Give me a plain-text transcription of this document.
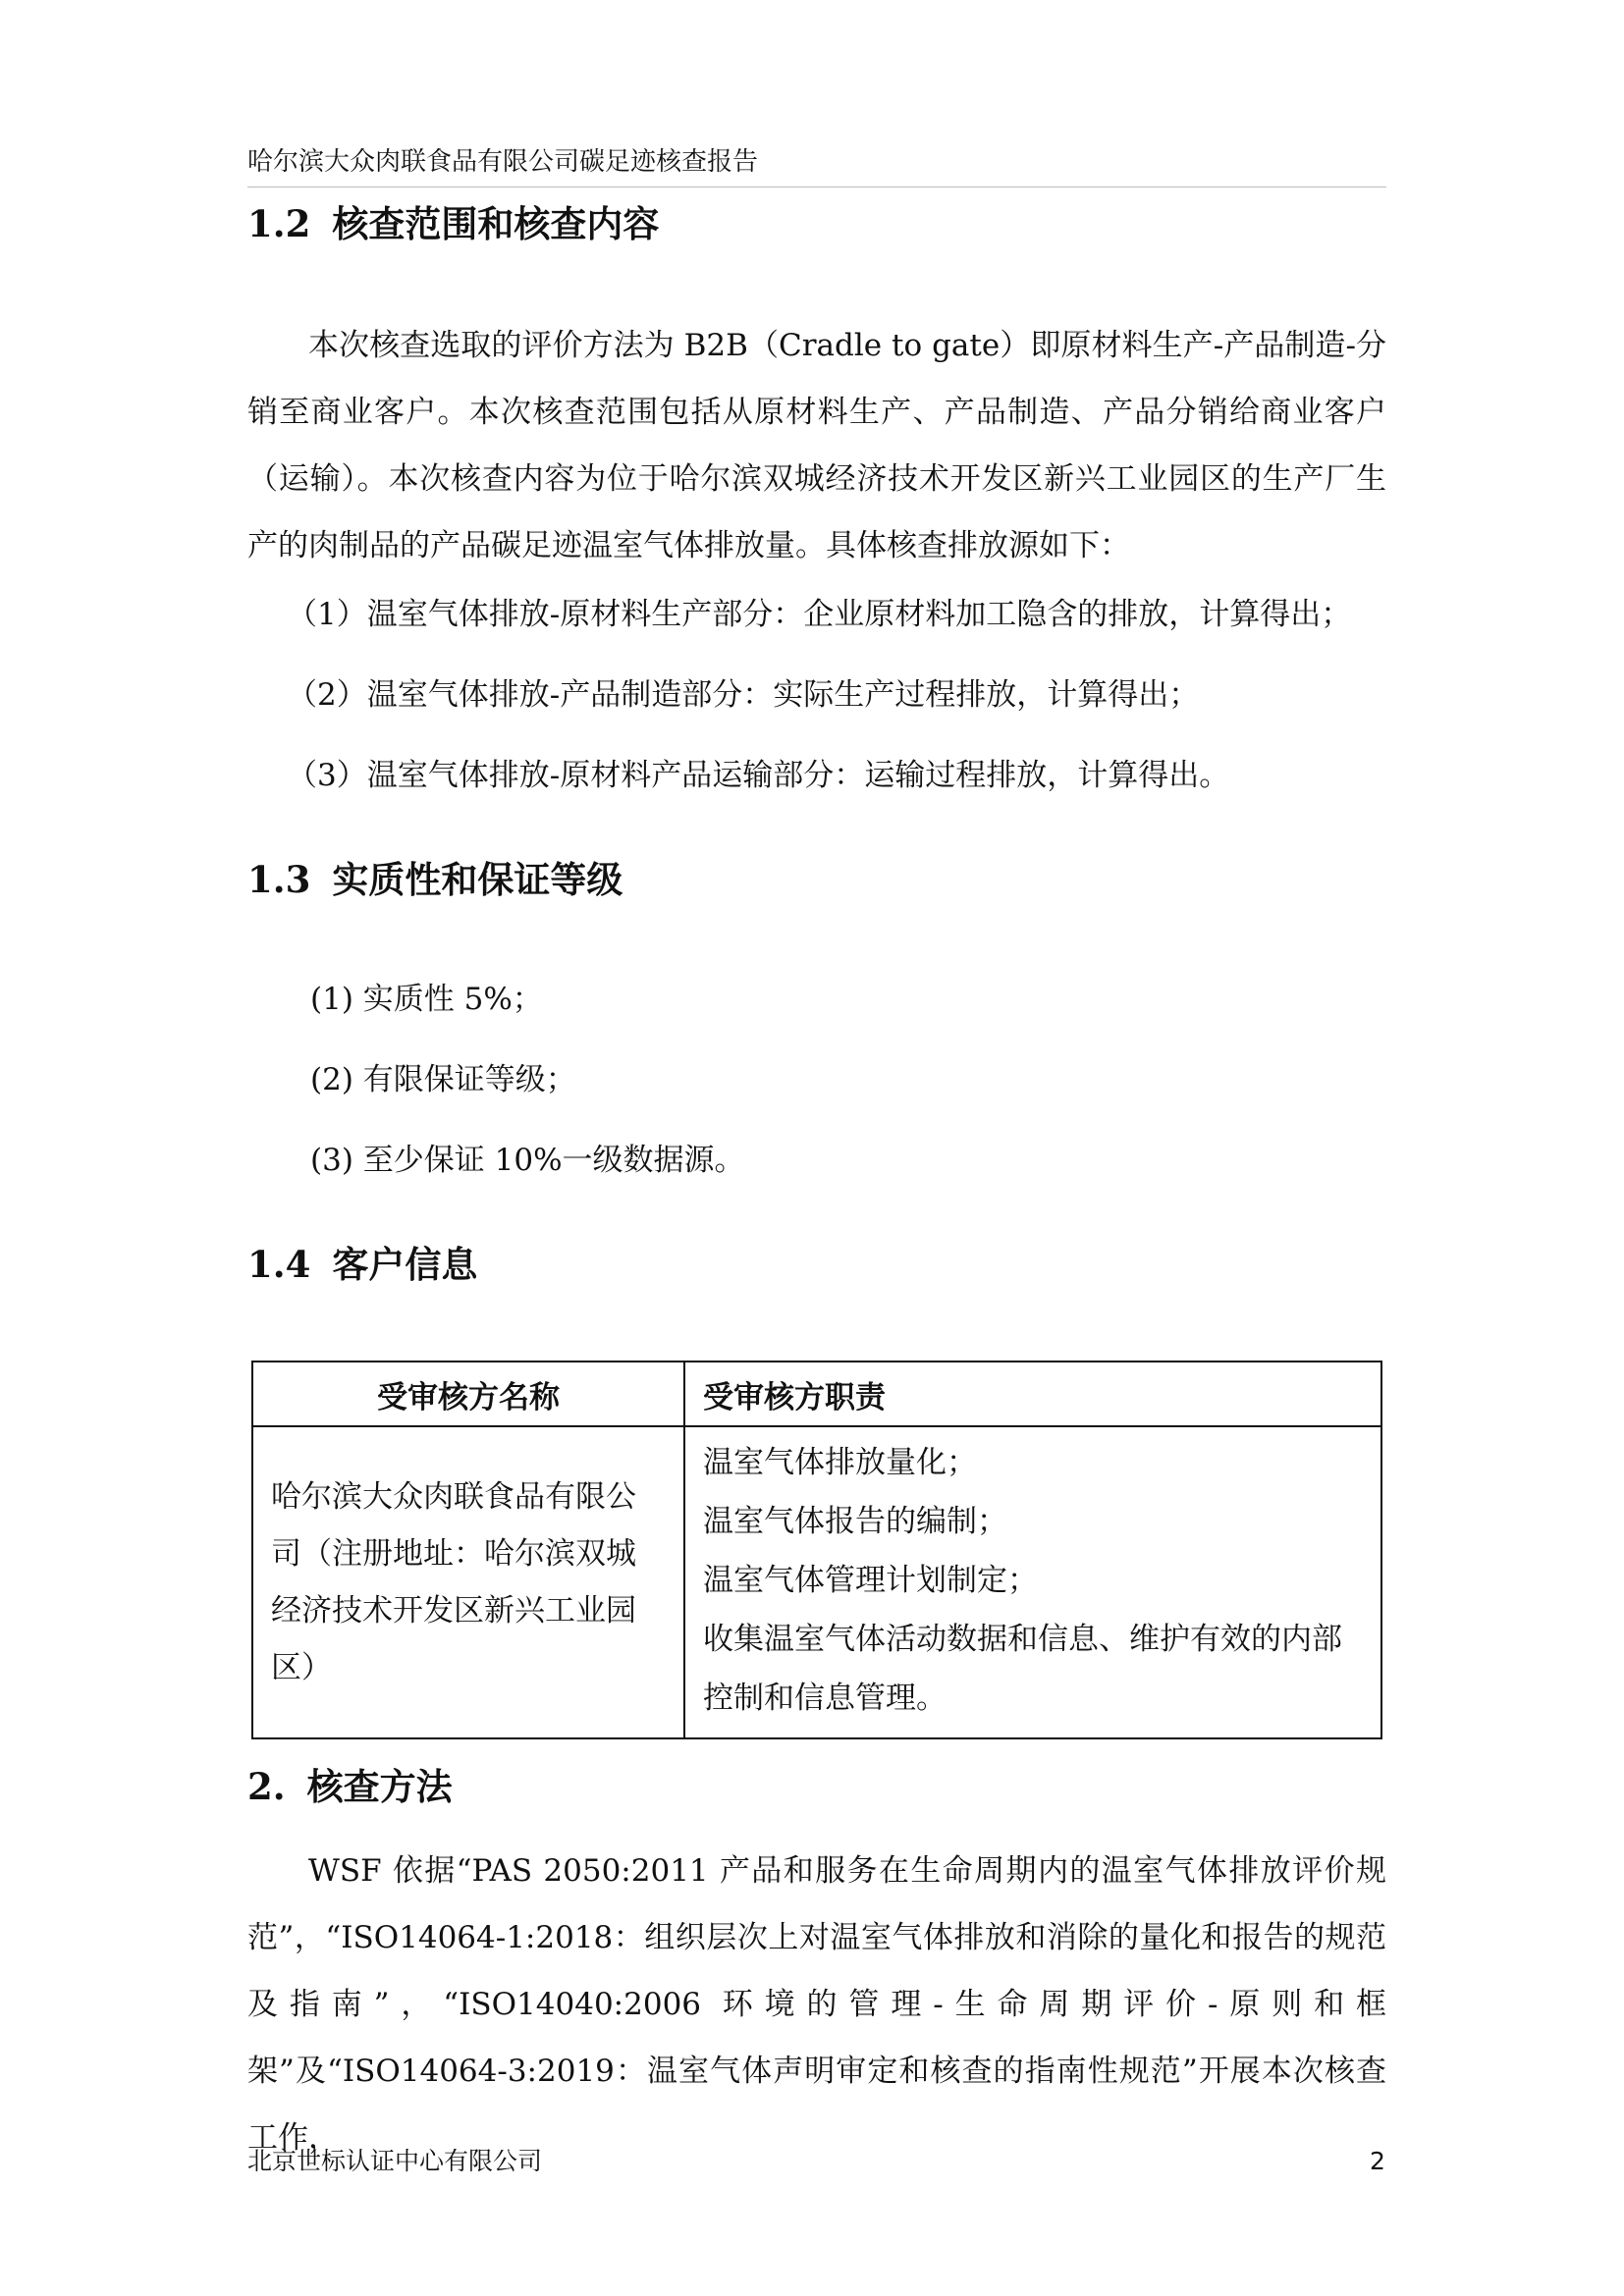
哈尔滨大众肉联食品有限公司碳足迹核查报告
1.2 核查范围和核查内容

本次核查选取的评价方法为 B2B（Cradle to gate）即原材料生产-产品制造-分销至商业客户。本次核查范围包括从原材料生产、产品制造、产品分销给商业客户（运输）。本次核查内容为位于哈尔滨双城经济技术开发区新兴工业园区的生产厂生产的肉制品的产品碳足迹温室气体排放量。具体核查排放源如下：

（1）温室气体排放-原材料生产部分：企业原材料加工隐含的排放，计算得出；

（2）温室气体排放-产品制造部分：实际生产过程排放，计算得出；

（3）温室气体排放-原材料产品运输部分：运输过程排放，计算得出。

1.3 实质性和保证等级

(1) 实质性 5%；

(2) 有限保证等级；

(3) 至少保证 10%一级数据源。

1.4 客户信息
受审核方名称	受审核方职责
哈尔滨大众肉联食品有限公司（注册地址：哈尔滨双城经济技术开发区新兴工业园区）	温室气体排放量化；
温室气体报告的编制；
温室气体管理计划制定；
收集温室气体活动数据和信息、维护有效的内部控制和信息管理。
2. 核查方法

WSF 依据“PAS 2050:2011 产品和服务在生命周期内的温室气体排放评价规范”，“ISO14064-1:2018：组织层次上对温室气体排放和消除的量化和报告的规范及指南”，“ISO14040:2006 环境的管理-生命周期评价-原则和框架”及“ISO14064-3:2019：温室气体声明审定和核查的指南性规范”开展本次核查工作，

北京世标认证中心有限公司	2
